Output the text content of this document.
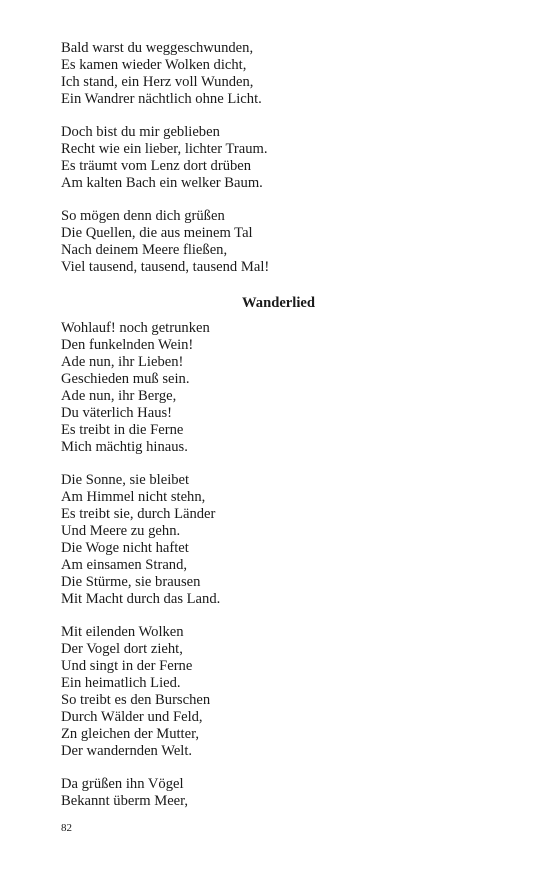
Bald warst du weggeschwunden,
Es kamen wieder Wolken dicht,
Ich stand, ein Herz voll Wunden,
Ein Wandrer nächtlich ohne Licht.
Doch bist du mir geblieben
Recht wie ein lieber, lichter Traum.
Es träumt vom Lenz dort drüben
Am kalten Bach ein welker Baum.
So mögen denn dich grüßen
Die Quellen, die aus meinem Tal
Nach deinem Meere fließen,
Viel tausend, tausend, tausend Mal!
Wanderlied
Wohlauf! noch getrunken
Den funkelnden Wein!
Ade nun, ihr Lieben!
Geschieden muß sein.
Ade nun, ihr Berge,
Du väterlich Haus!
Es treibt in die Ferne
Mich mächtig hinaus.
Die Sonne, sie bleibet
Am Himmel nicht stehn,
Es treibt sie, durch Länder
Und Meere zu gehn.
Die Woge nicht haftet
Am einsamen Strand,
Die Stürme, sie brausen
Mit Macht durch das Land.
Mit eilenden Wolken
Der Vogel dort zieht,
Und singt in der Ferne
Ein heimatlich Lied.
So treibt es den Burschen
Durch Wälder und Feld,
Zn gleichen der Mutter,
Der wandernden Welt.
Da grüßen ihn Vögel
Bekannt überm Meer,
82
